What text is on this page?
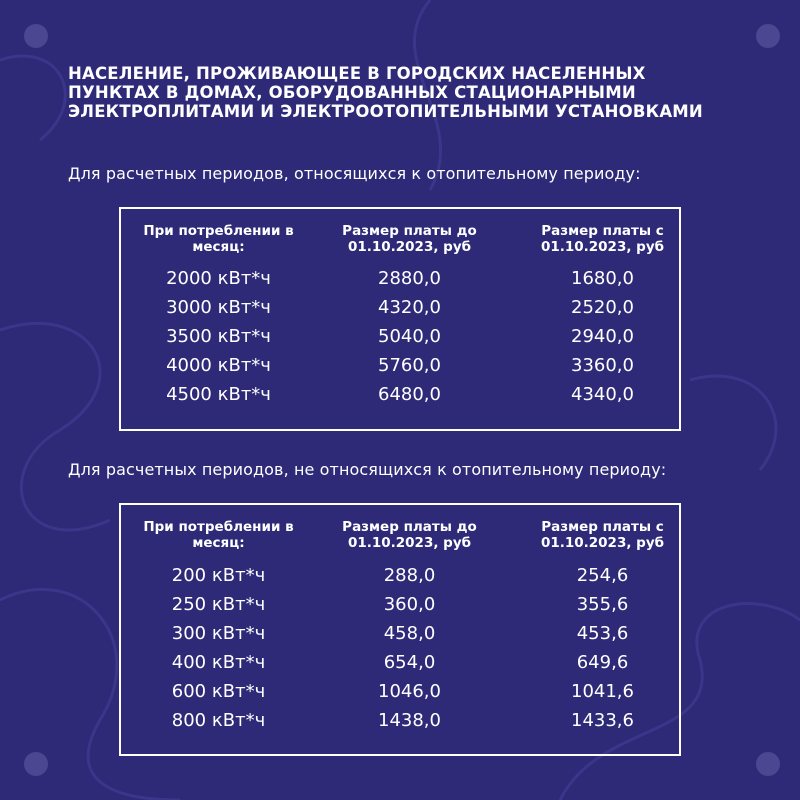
НАСЕЛЕНИЕ, ПРОЖИВАЮЩЕЕ В ГОРОДСКИХ НАСЕЛЕННЫХ ПУНКТАХ В ДОМАХ, ОБОРУДОВАННЫХ СТАЦИОНАРНЫМИ ЭЛЕКТРОПЛИТАМИ И ЭЛЕКТРООТОПИТЕЛЬНЫМИ УСТАНОВКАМИ
Для расчетных периодов, относящихся к отопительному периоду:
При потреблении в месяц:
Размер платы до 01.10.2023, руб
Размер платы с 01.10.2023, руб
2000 кВт*ч	2880,0	1680,0
3000 кВт*ч	4320,0	2520,0
3500 кВт*ч	5040,0	2940,0
4000 кВт*ч	5760,0	3360,0
4500 кВт*ч	6480,0	4340,0
Для расчетных периодов, не относящихся к отопительному периоду:
При потреблении в месяц:
Размер платы до 01.10.2023, руб
Размер платы с 01.10.2023, руб
200 кВт*ч	288,0	254,6
250 кВт*ч	360,0	355,6
300 кВт*ч	458,0	453,6
400 кВт*ч	654,0	649,6
600 кВт*ч	1046,0	1041,6
800 кВт*ч	1438,0	1433,6
